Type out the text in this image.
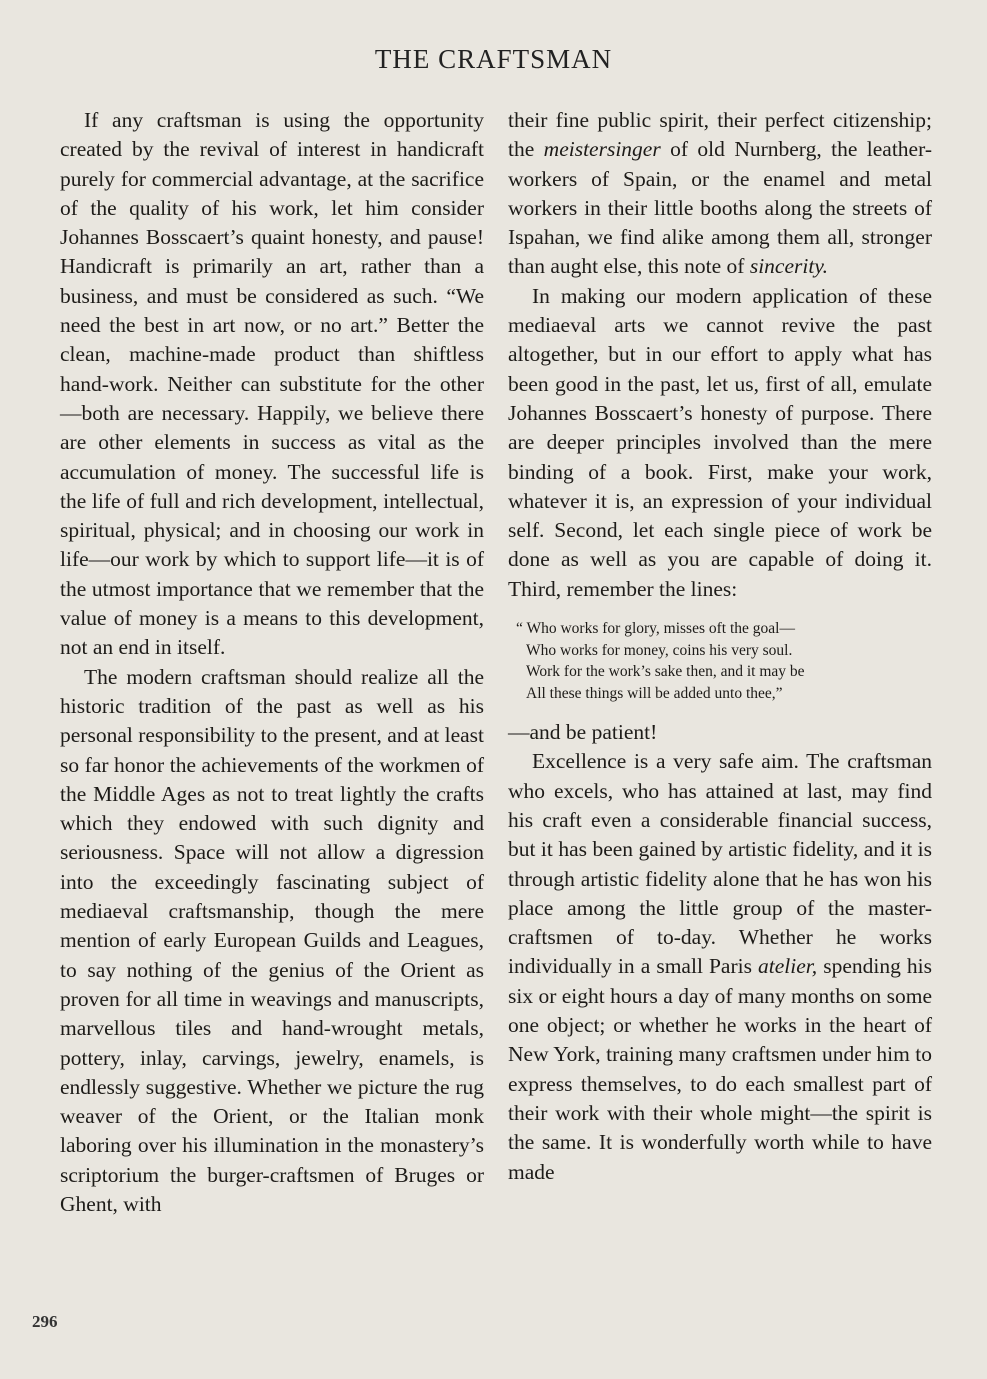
THE CRAFTSMAN

If any craftsman is using the opportunity created by the revival of interest in handicraft purely for commercial advantage, at the sacrifice of the quality of his work, let him consider Johannes Bosscaert’s quaint honesty, and pause! Handicraft is primarily an art, rather than a business, and must be considered as such. “We need the best in art now, or no art.” Better the clean, machine-made product than shiftless hand-work. Neither can substitute for the other—both are necessary. Happily, we believe there are other elements in success as vital as the accumulation of money. The successful life is the life of full and rich development, intellectual, spiritual, physical; and in choosing our work in life—our work by which to support life—it is of the utmost importance that we remember that the value of money is a means to this development, not an end in itself.

The modern craftsman should realize all the historic tradition of the past as well as his personal responsibility to the present, and at least so far honor the achievements of the workmen of the Middle Ages as not to treat lightly the crafts which they endowed with such dignity and seriousness. Space will not allow a digression into the exceedingly fascinating subject of mediaeval craftsmanship, though the mere mention of early European Guilds and Leagues, to say nothing of the genius of the Orient as proven for all time in weavings and manuscripts, marvellous tiles and hand-wrought metals, pottery, inlay, carvings, jewelry, enamels, is endlessly suggestive. Whether we picture the rug weaver of the Orient, or the Italian monk laboring over his illumination in the monastery’s scriptorium the burger-craftsmen of Bruges or Ghent, with

their fine public spirit, their perfect citizenship; the meistersinger of old Nurnberg, the leather-workers of Spain, or the enamel and metal workers in their little booths along the streets of Ispahan, we find alike among them all, stronger than aught else, this note of sincerity.

In making our modern application of these mediaeval arts we cannot revive the past altogether, but in our effort to apply what has been good in the past, let us, first of all, emulate Johannes Bosscaert’s honesty of purpose. There are deeper principles involved than the mere binding of a book. First, make your work, whatever it is, an expression of your individual self. Second, let each single piece of work be done as well as you are capable of doing it. Third, remember the lines:

“ Who works for glory, misses oft the goal—
Who works for money, coins his very soul.
Work for the work’s sake then, and it may be
All these things will be added unto thee,”

—and be patient!

Excellence is a very safe aim. The craftsman who excels, who has attained at last, may find his craft even a considerable financial success, but it has been gained by artistic fidelity, and it is through artistic fidelity alone that he has won his place among the little group of the master-craftsmen of to-day. Whether he works individually in a small Paris atelier, spending his six or eight hours a day of many months on some one object; or whether he works in the heart of New York, training many craftsmen under him to express themselves, to do each smallest part of their work with their whole might—the spirit is the same. It is wonderfully worth while to have made

296
